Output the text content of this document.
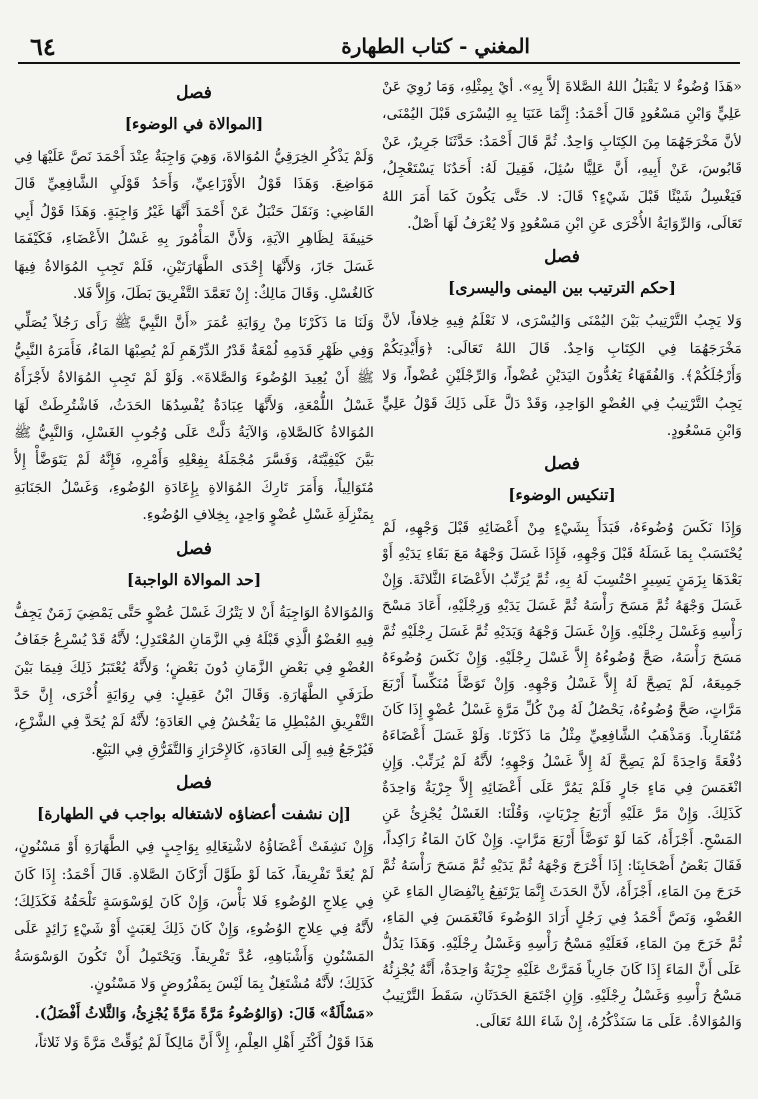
المغني - كتاب الطهارة
٦٤

«هَذَا وُضُوءٌ لا يَقْبَلُ اللهُ الصَّلاةَ إلاَّ بِهِ». أيْ بِمِثْلِهِ، وَمَا رُوِيَ عَنْ عَلِيٍّ وَابْنِ مَسْعُودٍ قَالَ أَحْمَدُ: إِنَّمَا عَنَيَا بِهِ اليُسْرَى قَبْلَ اليُمْنَى، لأنَّ مَخْرَجَهُمَا مِنَ الكِتَابِ وَاحِدٌ. ثُمَّ قَالَ أَحْمَدُ: حَدَّثَنَا جَرِيرٌ، عَنْ قَابُوسَ، عَنْ أَبِيهِ، أَنَّ عَلِيًّا سُئِلَ، فَقِيلَ لَهُ: أَحَدُنَا يَسْتَعْجِلُ، فَيَغْسِلُ شَيْئًا قَبْلَ شَيْءٍ؟ قَالَ: لا. حَتَّى يَكُونَ كَمَا أَمَرَ اللهُ تَعَالَى، وَالرِّوَايَةُ الأُخْرَى عَنِ ابْنِ مَسْعُودٍ وَلا يُعْرَفُ لَهَا أَصْلٌ.

فصل
[حكم الترتيب بين اليمنى واليسرى]

وَلا يَجِبُ التَّرْتِيبُ بَيْنَ اليُمْنَى وَاليُسْرَى، لا نَعْلَمُ فِيهِ خِلافاً، لأنَّ مَخْرَجَهُمَا فِي الكِتَابِ وَاحِدٌ. قَالَ اللهُ تَعَالَى: ﴿وَأَيْدِيَكُمْ وَأَرْجُلَكُمْ﴾. وَالفُقَهَاءُ يَعُدُّونَ اليَدَيْنِ عُضْواً، وَالرِّجْلَيْنِ عُضْواً، وَلا يَجِبُ التَّرْتِيبُ فِي العُضْوِ الوَاحِدِ، وَقَدْ دَلَّ عَلَى ذَلِكَ قَوْلُ عَلِيٍّ وَابْنِ مَسْعُودٍ.

فصل
[تنكيس الوضوء]

وَإِذَا نَكَسَ وُضُوءَهُ، فَبَدَأَ بِشَيْءٍ مِنْ أَعْضَائِهِ قَبْلَ وَجْهِهِ، لَمْ يُحْتَسَبْ بِمَا غَسَلَهُ قَبْلَ وَجْهِهِ، فَإِذَا غَسَلَ وَجْهَهُ مَعَ بَقَاءِ يَدَيْهِ أَوْ بَعْدَهَا بِزَمَنٍ يَسِيرٍ احْتُسِبَ لَهُ بِهِ، ثُمَّ يُرَتِّبُ الأَعْضَاءَ الثَّلاثَةَ. وَإِنْ غَسَلَ وَجْهَهُ ثُمَّ مَسَحَ رَأْسَهُ ثُمَّ غَسَلَ يَدَيْهِ وَرِجْلَيْهِ، أَعَادَ مَسْحَ رَأْسِهِ وَغَسْلَ رِجْلَيْهِ. وَإِنْ غَسَلَ وَجْهَهُ وَيَدَيْهِ ثُمَّ غَسَلَ رِجْلَيْهِ ثُمَّ مَسَحَ رَأْسَهُ، صَحَّ وُضُوءُهُ إِلاَّ غَسْلَ رِجْلَيْهِ. وَإِنْ نَكَسَ وُضُوءَهُ جَمِيعَهُ، لَمْ يَصِحَّ لَهُ إِلاَّ غَسْلُ وَجْهِهِ. وَإِنْ تَوَضَّأَ مُنَكِّساً أَرْبَعَ مَرَّاتٍ، صَحَّ وُضُوءُهُ، يَحْصُلُ لَهُ مِنْ كُلِّ مَرَّةٍ غَسْلُ عُضْوٍ إِذَا كَانَ مُتَقَارِباً. وَمَذْهَبُ الشَّافِعِيِّ مِثْلُ مَا ذَكَرْنَا. وَلَوْ غَسَلَ أَعْضَاءَهُ دُفْعَةً وَاحِدَةً لَمْ يَصِحَّ لَهُ إِلاَّ غَسْلُ وَجْهِهِ؛ لأَنَّهُ لَمْ يُرَتِّبْ. وَإِنِ انْغَمَسَ فِي مَاءٍ جَارٍ فَلَمْ يَمُرَّ عَلَى أَعْضَائِهِ إِلاَّ جِرْيَةٌ وَاحِدَةٌ كَذَلِكَ. وَإِنْ مَرَّ عَلَيْهِ أَرْبَعُ جِرْيَاتٍ، وَقُلْنَا: الغَسْلُ يُجْزِئُ عَنِ المَسْحِ. أَجْزَأَهُ، كَمَا لَوْ تَوَضَّأَ أَرْبَعَ مَرَّاتٍ. وَإِنْ كَانَ المَاءُ رَاكِداً، فَقَالَ بَعْضُ أَصْحَابِنَا: إِذَا أَخْرَجَ وَجْهَهُ ثُمَّ يَدَيْهِ ثُمَّ مَسَحَ رَأْسَهُ ثُمَّ خَرَجَ مِنَ المَاءِ، أَجْزَأَهُ، لأَنَّ الحَدَثَ إِنَّمَا يَرْتَفِعُ بِانْفِصَالِ المَاءِ عَنِ العُضْوِ، وَنَصَّ أَحْمَدُ فِي رَجُلٍ أَرَادَ الوُضُوءَ فَانْغَمَسَ فِي المَاءِ، ثُمَّ خَرَجَ مِنَ المَاءِ، فَعَلَيْهِ مَسْحُ رَأْسِهِ وَغَسْلُ رِجْلَيْهِ. وَهَذَا يَدُلُّ عَلَى أَنَّ المَاءَ إِذَا كَانَ جَارِياً فَمَرَّتْ عَلَيْهِ جِرْيَةٌ وَاحِدَةٌ، أَنَّهُ يُجْزِئُهُ مَسْحُ رَأْسِهِ وَغَسْلُ رِجْلَيْهِ. وَإِنِ اجْتَمَعَ الحَدَثَانِ، سَقَطَ التَّرْتِيبُ وَالمُوَالاةُ. عَلَى مَا سَنَذْكُرُهُ، إِنْ شَاءَ اللهُ تَعَالَى.

فصل
[الموالاة في الوضوء]

وَلَمْ يَذْكُرِ الخِرَقِيُّ المُوَالاةَ، وَهِيَ وَاجِبَةٌ عِنْدَ أَحْمَدَ نَصَّ عَلَيْهَا فِي مَوَاضِعَ. وَهَذَا قَوْلُ الأَوْزَاعِيِّ، وَأَحَدُ قَوْلَيِ الشَّافِعِيِّ قَالَ القَاضِي: وَنَقَلَ حَنْبَلٌ عَنْ أَحْمَدَ أَنَّهَا غَيْرُ وَاجِبَةٍ. وَهَذَا قَوْلُ أَبِي حَنِيفَةَ لِظَاهِرِ الآيَةِ، وَلأَنَّ المَأْمُورَ بِهِ غَسْلُ الأَعْضَاءِ، فَكَيْفَمَا غَسَلَ جَازَ، وَلأَنَّهَا إِحْدَى الطَّهَارَتَيْنِ، فَلَمْ تَجِبِ المُوَالاةُ فِيهَا كَالغُسْلِ. وَقَالَ مَالِكٌ: إِنْ تَعَمَّدَ التَّفْرِيقَ بَطَلَ، وَإِلاَّ فَلا.

وَلَنَا مَا ذَكَرْنَا مِنْ رِوَايَةِ عُمَرَ «أَنَّ النَّبِيَّ ﷺ رَأَى رَجُلاً يُصَلِّي وَفِي ظَهْرِ قَدَمِهِ لُمْعَةٌ قَدْرُ الدِّرْهَمِ لَمْ يُصِبْهَا المَاءُ، فَأَمَرَهُ النَّبِيُّ ﷺ أَنْ يُعِيدَ الوُضُوءَ وَالصَّلاةَ». وَلَوْ لَمْ تَجِبِ المُوَالاةُ لأَجْزَأَهُ غَسْلُ اللُّمْعَةِ، وَلأَنَّهَا عِبَادَةٌ يُفْسِدُهَا الحَدَثُ، فَاشْتُرِطَتْ لَهَا المُوَالاةُ كَالصَّلاةِ، وَالآيَةُ دَلَّتْ عَلَى وُجُوبِ الغَسْلِ، وَالنَّبِيُّ ﷺ بَيَّنَ كَيْفِيَّتَهُ، وَفَسَّرَ مُجْمَلَهُ بِفِعْلِهِ وَأَمْرِهِ، فَإِنَّهُ لَمْ يَتَوَضَّأْ إِلاَّ مُتَوَالِياً، وَأَمَرَ تَارِكَ المُوَالاةِ بِإِعَادَةِ الوُضُوءِ، وَغَسْلُ الجَنَابَةِ بِمَنْزِلَةِ غَسْلِ عُضْوٍ وَاحِدٍ، بِخِلافِ الوُضُوءِ.

فصل
[حد الموالاة الواجبة]

وَالمُوَالاةُ الوَاجِبَةُ أَنْ لا يَتْرُكَ غَسْلَ عُضْوٍ حَتَّى يَمْضِيَ زَمَنٌ يَجِفُّ فِيهِ العُضْوُ الَّذِي قَبْلَهُ فِي الزَّمَانِ المُعْتَدِلِ؛ لأَنَّهُ قَدْ يُسْرِعُ جَفَافُ العُضْوِ فِي بَعْضِ الزَّمَانِ دُونَ بَعْضٍ؛ وَلأَنَّهُ يُعْتَبَرُ ذَلِكَ فِيمَا بَيْنَ طَرَفَيِ الطَّهَارَةِ. وَقَالَ ابْنُ عَقِيلٍ: فِي رِوَايَةٍ أُخْرَى، إِنَّ حَدَّ التَّفْرِيقِ المُبْطِلِ مَا يَفْحُشُ فِي العَادَةِ؛ لأَنَّهُ لَمْ يُحَدَّ فِي الشَّرْعِ، فَيُرْجَعُ فِيهِ إِلَى العَادَةِ، كَالإِحْرَازِ وَالتَّفَرُّقِ فِي البَيْعِ.

فصل
[إن نشفت أعضاؤه لاشتغاله بواجب في الطهارة]

وَإِنْ نَشِفَتْ أَعْضَاؤُهُ لاشْتِغَالِهِ بِوَاجِبٍ فِي الطَّهَارَةِ أَوْ مَسْنُونٍ، لَمْ يُعَدَّ تَفْرِيقاً، كَمَا لَوْ طَوَّلَ أَرْكَانَ الصَّلاةِ. قَالَ أَحْمَدُ: إِذَا كَانَ فِي عِلاجِ الوُضُوءِ فَلا بَأْسَ، وَإِنْ كَانَ لِوَسْوَسَةٍ تَلْحَقُهُ فَكَذَلِكَ؛ لأَنَّهُ فِي عِلاجِ الوُضُوءِ، وَإِنْ كَانَ ذَلِكَ لِعَبَثٍ أَوْ شَيْءٍ زَائِدٍ عَلَى المَسْنُونِ وَأَشْبَاهِهِ، عُدَّ تَفْرِيقاً. وَيَحْتَمِلُ أَنْ تَكُونَ الوَسْوَسَةُ كَذَلِكَ؛ لأَنَّهُ مُشْتَغِلٌ بِمَا لَيْسَ بِمَفْرُوضٍ وَلا مَسْنُونٍ.

«مَسْأَلَةٌ» قَالَ: (وَالوُضُوءُ مَرَّةً مَرَّةً يُجْزِئُ، وَالثَّلاثُ أَفْضَلُ).

هَذَا قَوْلُ أَكْثَرِ أَهْلِ العِلْمِ، إِلاَّ أَنَّ مَالِكاً لَمْ يُوَقِّتْ مَرَّةً وَلا ثَلاثاً،
